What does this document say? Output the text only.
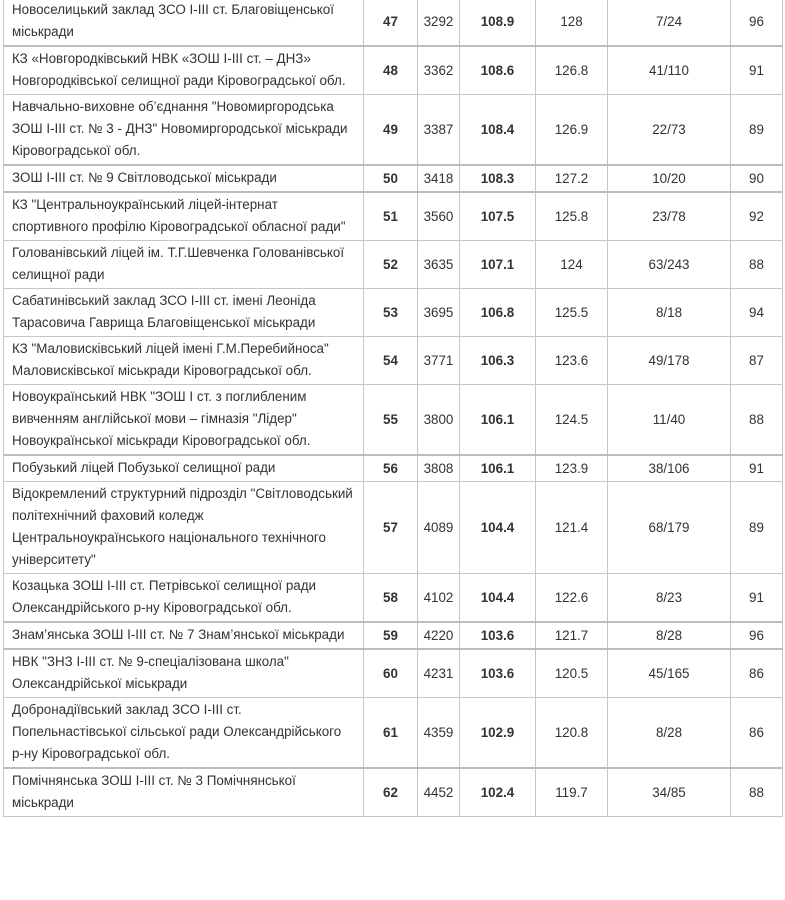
Новоселицький заклад ЗСО І-ІІІ ст. Благовіщенської міськради	47	3292	108.9	128	7/24	96
КЗ «Новгородківський НВК «ЗОШ І-ІІІ ст. – ДНЗ» Новгородківської селищної ради Кіровоградської обл.	48	3362	108.6	126.8	41/110	91
Навчально-виховне об’єднання "Новомиргородська ЗОШ І-ІІІ ст. № 3 - ДНЗ" Новомиргородської міськради Кіровоградської обл.	49	3387	108.4	126.9	22/73	89
ЗОШ І-ІІІ ст. № 9 Світловодської міськради	50	3418	108.3	127.2	10/20	90
КЗ "Центральноукраїнський ліцей-інтернат спортивного профілю Кіровоградської обласної ради"	51	3560	107.5	125.8	23/78	92
Голованівський ліцей ім. Т.Г.Шевченка Голованівської селищної ради	52	3635	107.1	124	63/243	88
Сабатинівський заклад ЗСО І-ІІІ ст. імені Леоніда Тарасовича Гаврища Благовіщенської міськради	53	3695	106.8	125.5	8/18	94
КЗ "Маловисківський ліцей імені Г.М.Перебийноса" Маловисківської міськради Кіровоградської обл.	54	3771	106.3	123.6	49/178	87
Новоукраїнський НВК "ЗОШ І ст. з поглибленим вивченням англійської мови – гімназія "Лідер" Новоукраїнської міськради Кіровоградської обл.	55	3800	106.1	124.5	11/40	88
Побузький ліцей Побузької селищної ради	56	3808	106.1	123.9	38/106	91
Відокремлений структурний підрозділ "Світловодський політехнічний фаховий коледж Центральноукраїнського національного технічного університету"	57	4089	104.4	121.4	68/179	89
Козацька ЗОШ І-ІІІ ст. Петрівської селищної ради Олександрійського р-ну Кіровоградської обл.	58	4102	104.4	122.6	8/23	91
Знам’янська ЗОШ І-ІІІ ст. № 7 Знам’янської міськради	59	4220	103.6	121.7	8/28	96
НВК "ЗНЗ І-ІІІ ст. № 9-спеціалізована школа" Олександрійської міськради	60	4231	103.6	120.5	45/165	86
Добронадіївський заклад ЗСО І-ІІІ ст. Попельнастівської сільської ради Олександрійського р-ну Кіровоградської обл.	61	4359	102.9	120.8	8/28	86
Помічнянська ЗОШ І-ІІІ ст. № 3 Помічнянської міськради	62	4452	102.4	119.7	34/85	88
